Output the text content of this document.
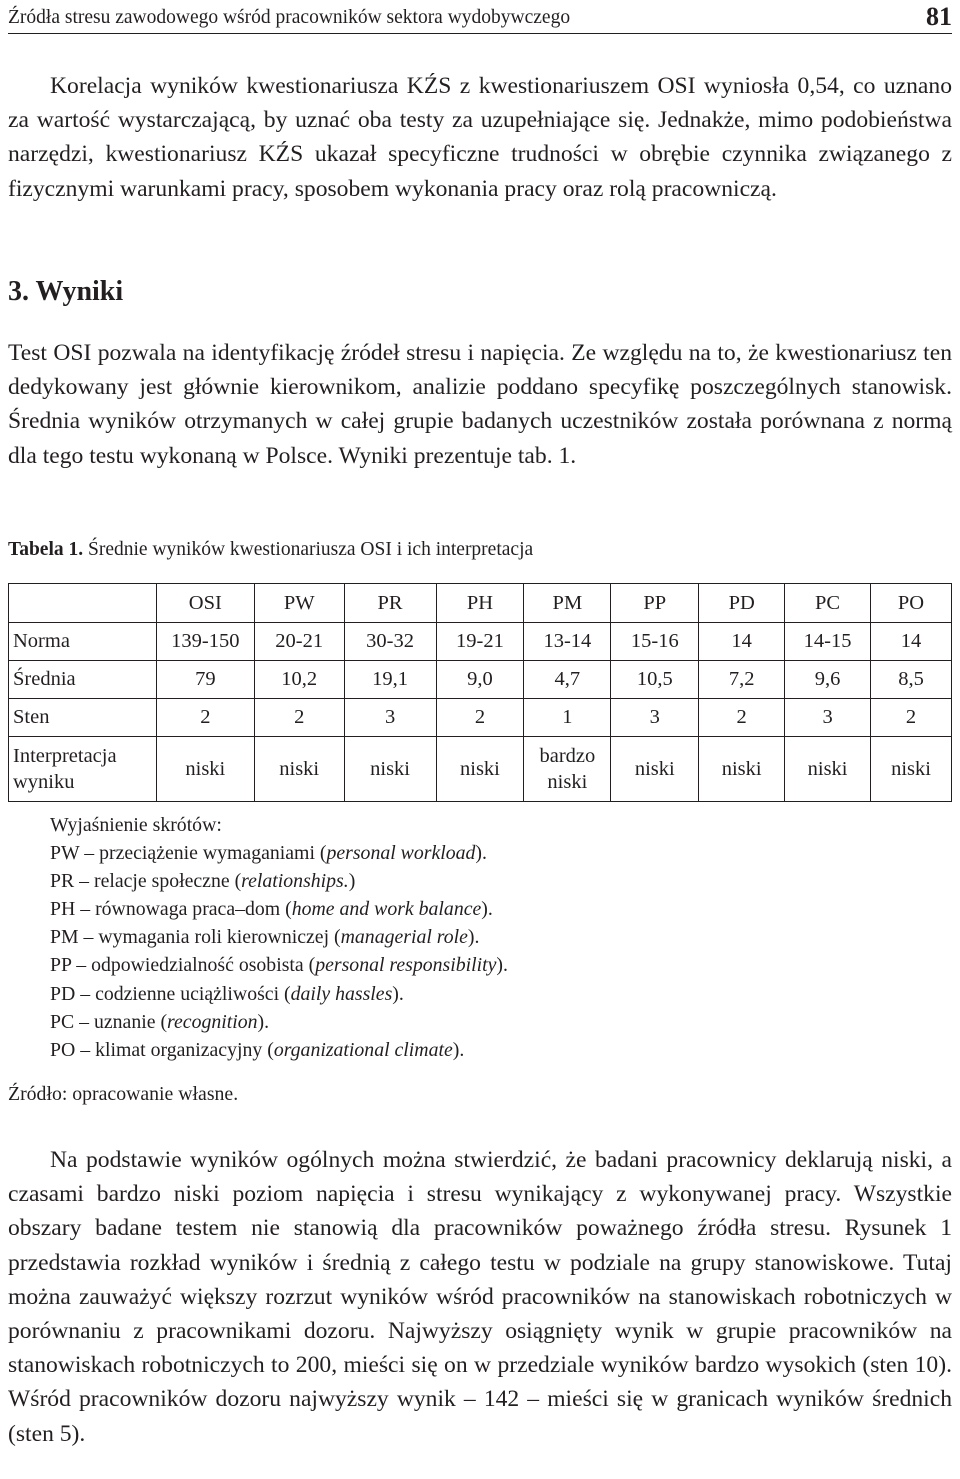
Źródła stresu zawodowego wśród pracowników sektora wydobywczego	81

Korelacja wyników kwestionariusza KŹS z kwestionariuszem OSI wyniosła 0,54, co uznano za wartość wystarczającą, by uznać oba testy za uzupełniające się. Jednakże, mimo podobieństwa narzędzi, kwestionariusz KŹS ukazał specyficzne trudności w obrębie czynnika związanego z fizycznymi warunkami pracy, sposobem wykonania pracy oraz rolą pracowniczą.

3. Wyniki

Test OSI pozwala na identyfikację źródeł stresu i napięcia. Ze względu na to, że kwestionariusz ten dedykowany jest głównie kierownikom, analizie poddano specyfikę poszczególnych stanowisk. Średnia wyników otrzymanych w całej grupie badanych uczestników została porównana z normą dla tego testu wykonaną w Polsce. Wyniki prezentuje tab. 1.

Tabela 1. Średnie wyników kwestionariusza OSI i ich interpretacja
	OSI	PW	PR	PH	PM	PP	PD	PC	PO
Norma	139-150	20-21	30-32	19-21	13-14	15-16	14	14-15	14
Średnia	79	10,2	19,1	9,0	4,7	10,5	7,2	9,6	8,5
Sten	2	2	3	2	1	3	2	3	2

Interpretacja
wyniku	niski	niski	niski	niski	bardzo niski	niski	niski	niski	niski
Wyjaśnienie skrótów:
PW – przeciążenie wymaganiami (personal workload).
PR – relacje społeczne (relationships.)
PH – równowaga praca–dom (home and work balance).
PM – wymagania roli kierowniczej (managerial role).
PP – odpowiedzialność osobista (personal responsibility).
PD – codzienne uciążliwości (daily hassles).
PC – uznanie (recognition).
PO – klimat organizacyjny (organizational climate).
Źródło: opracowanie własne.

Na podstawie wyników ogólnych można stwierdzić, że badani pracownicy deklarują niski, a czasami bardzo niski poziom napięcia i stresu wynikający z wykonywanej pracy. Wszystkie obszary badane testem nie stanowią dla pracowników poważnego źródła stresu. Rysunek 1 przedstawia rozkład wyników i średnią z całego testu w podziale na grupy stanowiskowe. Tutaj można zauważyć większy rozrzut wyników wśród pracowników na stanowiskach robotniczych w porównaniu z pracownikami dozoru. Najwyższy osiągnięty wynik w grupie pracowników na stanowiskach robotniczych to 200, mieści się on w przedziale wyników bardzo wysokich (sten 10). Wśród pracowników dozoru najwyższy wynik – 142 – mieści się w granicach wyników średnich (sten 5).
